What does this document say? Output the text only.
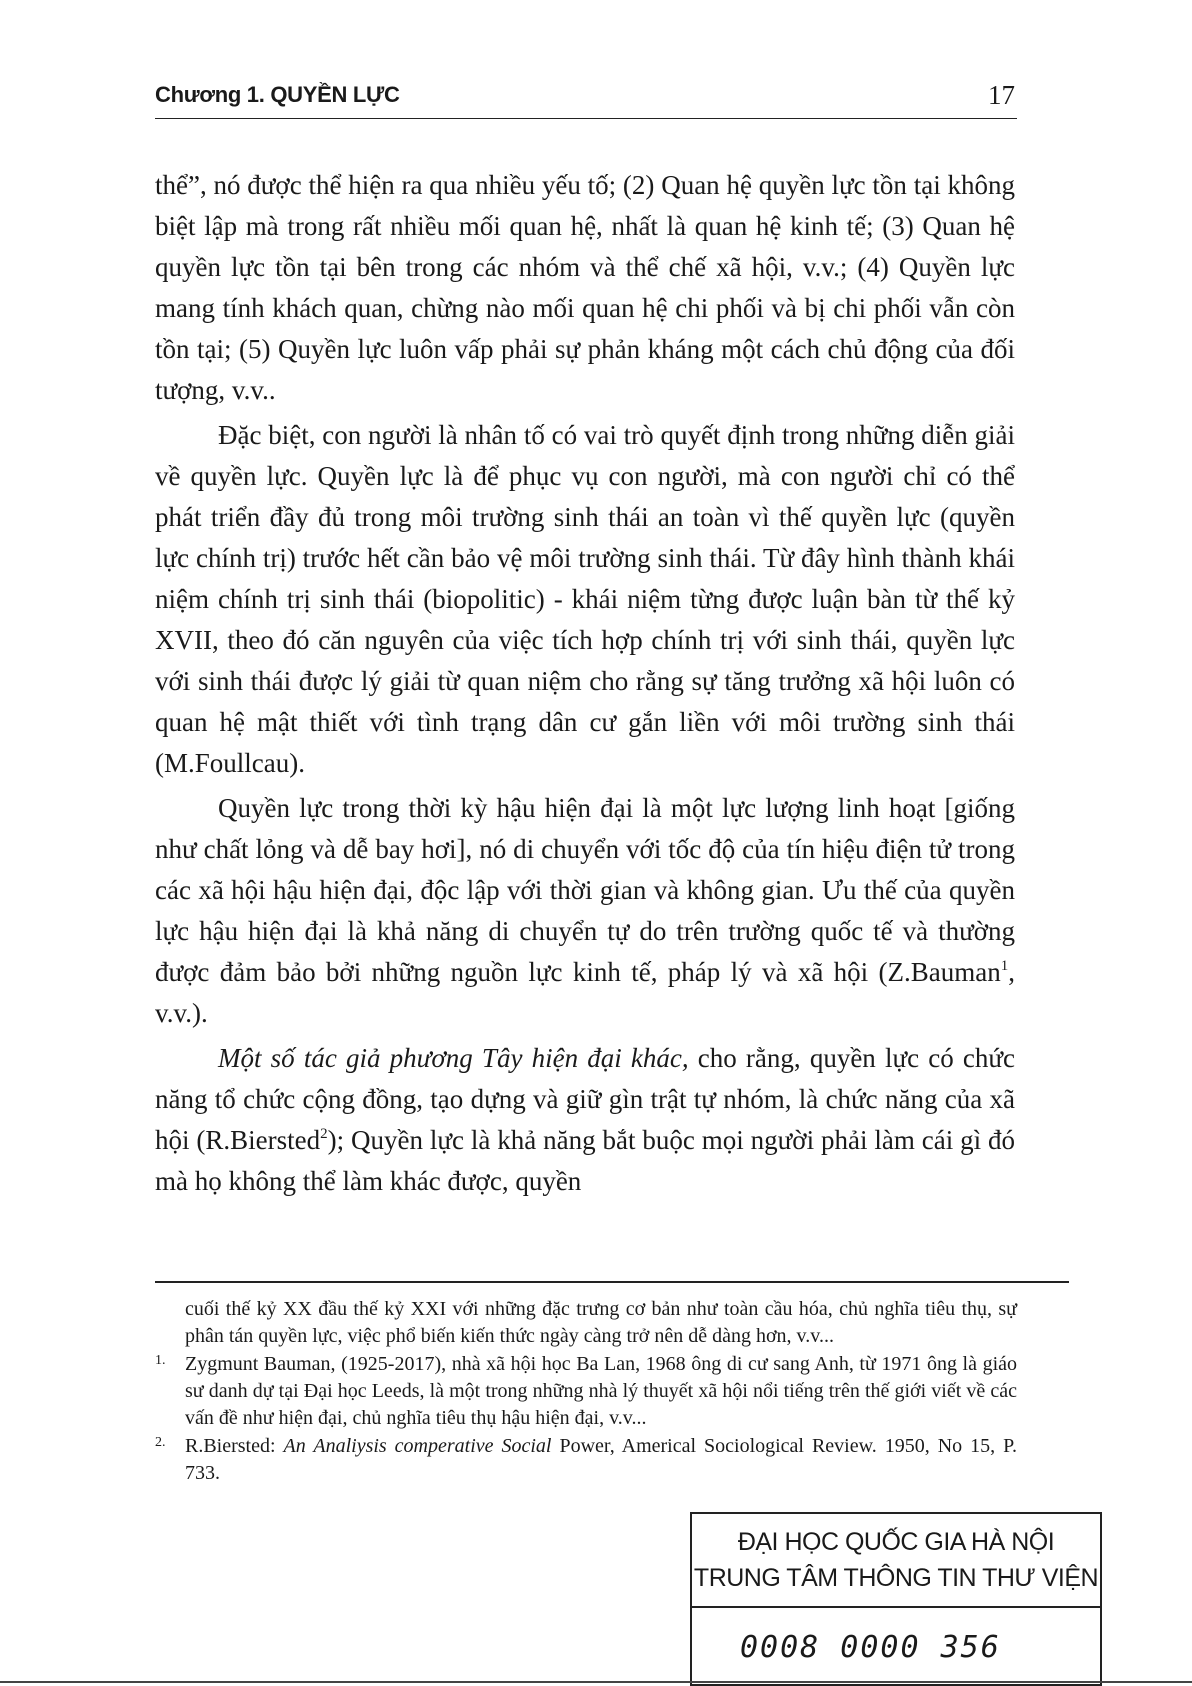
Chương 1. QUYỀN LỰC	17

thể”, nó được thể hiện ra qua nhiều yếu tố; (2) Quan hệ quyền lực tồn tại không biệt lập mà trong rất nhiều mối quan hệ, nhất là quan hệ kinh tế; (3) Quan hệ quyền lực tồn tại bên trong các nhóm và thể chế xã hội, v.v.; (4) Quyền lực mang tính khách quan, chừng nào mối quan hệ chi phối và bị chi phối vẫn còn tồn tại; (5) Quyền lực luôn vấp phải sự phản kháng một cách chủ động của đối tượng, v.v..

Đặc biệt, con người là nhân tố có vai trò quyết định trong những diễn giải về quyền lực. Quyền lực là để phục vụ con người, mà con người chỉ có thể phát triển đầy đủ trong môi trường sinh thái an toàn vì thế quyền lực (quyền lực chính trị) trước hết cần bảo vệ môi trường sinh thái. Từ đây hình thành khái niệm chính trị sinh thái (biopolitic) - khái niệm từng được luận bàn từ thế kỷ XVII, theo đó căn nguyên của việc tích hợp chính trị với sinh thái, quyền lực với sinh thái được lý giải từ quan niệm cho rằng sự tăng trưởng xã hội luôn có quan hệ mật thiết với tình trạng dân cư gắn liền với môi trường sinh thái (M.Foullcau).

Quyền lực trong thời kỳ hậu hiện đại là một lực lượng linh hoạt [giống như chất lỏng và dễ bay hơi], nó di chuyển với tốc độ của tín hiệu điện tử trong các xã hội hậu hiện đại, độc lập với thời gian và không gian. Ưu thế của quyền lực hậu hiện đại là khả năng di chuyển tự do trên trường quốc tế và thường được đảm bảo bởi những nguồn lực kinh tế, pháp lý và xã hội (Z.Bauman$^1$, v.v.).

Một số tác giả phương Tây hiện đại khác, cho rằng, quyền lực có chức năng tổ chức cộng đồng, tạo dựng và giữ gìn trật tự nhóm, là chức năng của xã hội (R.Biersted$^2$); Quyền lực là khả năng bắt buộc mọi người phải làm cái gì đó mà họ không thể làm khác được, quyền

cuối thế kỷ XX đầu thế kỷ XXI với những đặc trưng cơ bản như toàn cầu hóa, chủ nghĩa tiêu thụ, sự phân tán quyền lực, việc phổ biến kiến thức ngày càng trở nên dễ dàng hơn, v.v...
1. Zygmunt Bauman, (1925-2017), nhà xã hội học Ba Lan, 1968 ông di cư sang Anh, từ 1971 ông là giáo sư danh dự tại Đại học Leeds, là một trong những nhà lý thuyết xã hội nổi tiếng trên thế giới viết về các vấn đề như hiện đại, chủ nghĩa tiêu thụ hậu hiện đại, v.v...
2. R.Biersted: An Analiysis comperative Social Power, Americal Sociological Review. 1950, No 15, P. 733.
ĐẠI HỌC QUỐC GIA HÀ NỘI
TRUNG TÂM THÔNG TIN THƯ VIỆN
0008 0000 356
